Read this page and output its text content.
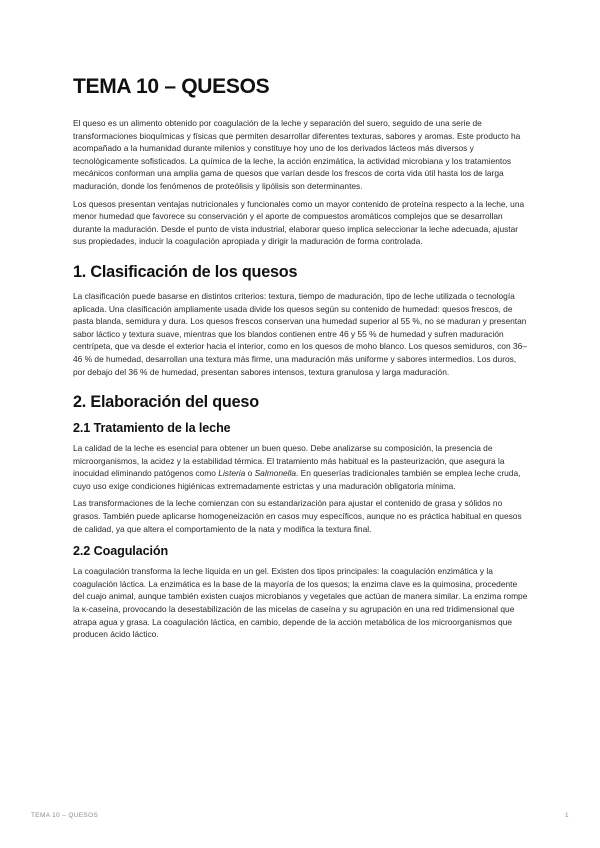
TEMA 10 – QUESOS

El queso es un alimento obtenido por coagulación de la leche y separación del suero, seguido de una serie de transformaciones bioquímicas y físicas que permiten desarrollar diferentes texturas, sabores y aromas. Este producto ha acompañado a la humanidad durante milenios y constituye hoy uno de los derivados lácteos más diversos y tecnológicamente sofisticados. La química de la leche, la acción enzimática, la actividad microbiana y los tratamientos mecánicos conforman una amplia gama de quesos que varían desde los frescos de corta vida útil hasta los de larga maduración, donde los fenómenos de proteólisis y lipólisis son determinantes.

Los quesos presentan ventajas nutricionales y funcionales como un mayor contenido de proteína respecto a la leche, una menor humedad que favorece su conservación y el aporte de compuestos aromáticos complejos que se desarrollan durante la maduración. Desde el punto de vista industrial, elaborar queso implica seleccionar la leche adecuada, ajustar sus propiedades, inducir la coagulación apropiada y dirigir la maduración de forma controlada.

1. Clasificación de los quesos

La clasificación puede basarse en distintos criterios: textura, tiempo de maduración, tipo de leche utilizada o tecnología aplicada. Una clasificación ampliamente usada divide los quesos según su contenido de humedad: quesos frescos, de pasta blanda, semidura y dura. Los quesos frescos conservan una humedad superior al 55 %, no se maduran y presentan sabor láctico y textura suave, mientras que los blandos contienen entre 46 y 55 % de humedad y sufren maduración centrípeta, que va desde el exterior hacia el interior, como en los quesos de moho blanco. Los quesos semiduros, con 36–46 % de humedad, desarrollan una textura más firme, una maduración más uniforme y sabores intermedios. Los duros, por debajo del 36 % de humedad, presentan sabores intensos, textura granulosa y larga maduración.

2. Elaboración del queso
2.1 Tratamiento de la leche

La calidad de la leche es esencial para obtener un buen queso. Debe analizarse su composición, la presencia de microorganismos, la acidez y la estabilidad térmica. El tratamiento más habitual es la pasteurización, que asegura la inocuidad eliminando patógenos como Listeria o Salmonella. En queserías tradicionales también se emplea leche cruda, cuyo uso exige condiciones higiénicas extremadamente estrictas y una maduración obligatoria mínima.

Las transformaciones de la leche comienzan con su estandarización para ajustar el contenido de grasa y sólidos no grasos. También puede aplicarse homogeneización en casos muy específicos, aunque no es práctica habitual en quesos de calidad, ya que altera el comportamiento de la nata y modifica la textura final.

2.2 Coagulación

La coagulación transforma la leche líquida en un gel. Existen dos tipos principales: la coagulación enzimática y la coagulación láctica. La enzimática es la base de la mayoría de los quesos; la enzima clave es la quimosina, procedente del cuajo animal, aunque también existen cuajos microbianos y vegetales que actúan de manera similar. La enzima rompe la κ-caseína, provocando la desestabilización de las micelas de caseína y su agrupación en una red tridimensional que atrapa agua y grasa. La coagulación láctica, en cambio, depende de la acción metabólica de los microorganismos que producen ácido láctico.

TEMA 10 – QUESOS	1
